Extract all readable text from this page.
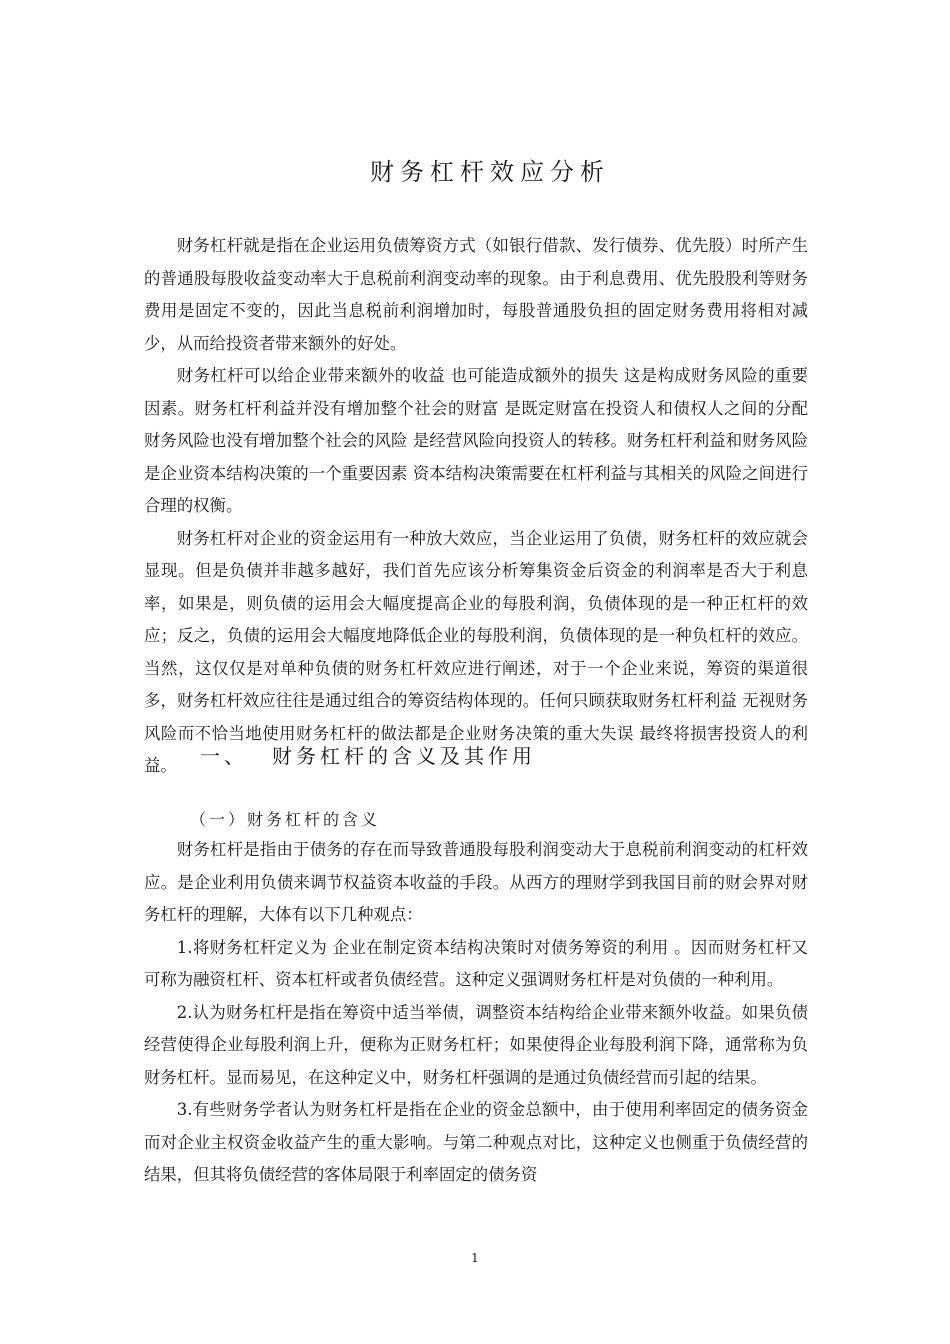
财务杠杆效应分析

财务杠杆就是指在企业运用负债筹资方式（如银行借款、发行债券、优先股）时所产生的普通股每股收益变动率大于息税前利润变动率的现象。由于利息费用、优先股股利等财务费用是固定不变的，因此当息税前利润增加时，每股普通股负担的固定财务费用将相对减少，从而给投资者带来额外的好处。

财务杠杆可以给企业带来额外的收益 也可能造成额外的损失 这是构成财务风险的重要因素。财务杠杆利益并没有增加整个社会的财富 是既定财富在投资人和债权人之间的分配 财务风险也没有增加整个社会的风险 是经营风险向投资人的转移。财务杠杆利益和财务风险是企业资本结构决策的一个重要因素 资本结构决策需要在杠杆利益与其相关的风险之间进行合理的权衡。

财务杠杆对企业的资金运用有一种放大效应，当企业运用了负债，财务杠杆的效应就会显现。但是负债并非越多越好，我们首先应该分析筹集资金后资金的利润率是否大于利息率，如果是，则负债的运用会大幅度提高企业的每股利润，负债体现的是一种正杠杆的效应；反之，负债的运用会大幅度地降低企业的每股利润，负债体现的是一种负杠杆的效应。当然，这仅仅是对单种负债的财务杠杆效应进行阐述，对于一个企业来说，筹资的渠道很多，财务杠杆效应往往是通过组合的筹资结构体现的。任何只顾获取财务杠杆利益 无视财务风险而不恰当地使用财务杠杆的做法都是企业财务决策的重大失误 最终将损害投资人的利益。	一、 财务杠杆的含义及其作用
（一）财务杠杆的含义

财务杠杆是指由于债务的存在而导致普通股每股利润变动大于息税前利润变动的杠杆效应。是企业利用负债来调节权益资本收益的手段。从西方的理财学到我国目前的财会界对财务杠杆的理解，大体有以下几种观点：

1.将财务杠杆定义为 企业在制定资本结构决策时对债务筹资的利用 。因而财务杠杆又可称为融资杠杆、资本杠杆或者负债经营。这种定义强调财务杠杆是对负债的一种利用。

2.认为财务杠杆是指在筹资中适当举债，调整资本结构给企业带来额外收益。如果负债经营使得企业每股利润上升，便称为正财务杠杆；如果使得企业每股利润下降，通常称为负财务杠杆。显而易见，在这种定义中，财务杠杆强调的是通过负债经营而引起的结果。

3.有些财务学者认为财务杠杆是指在企业的资金总额中，由于使用利率固定的债务资金而对企业主权资金收益产生的重大影响。与第二种观点对比，这种定义也侧重于负债经营的结果，但其将负债经营的客体局限于利率固定的债务资

1
